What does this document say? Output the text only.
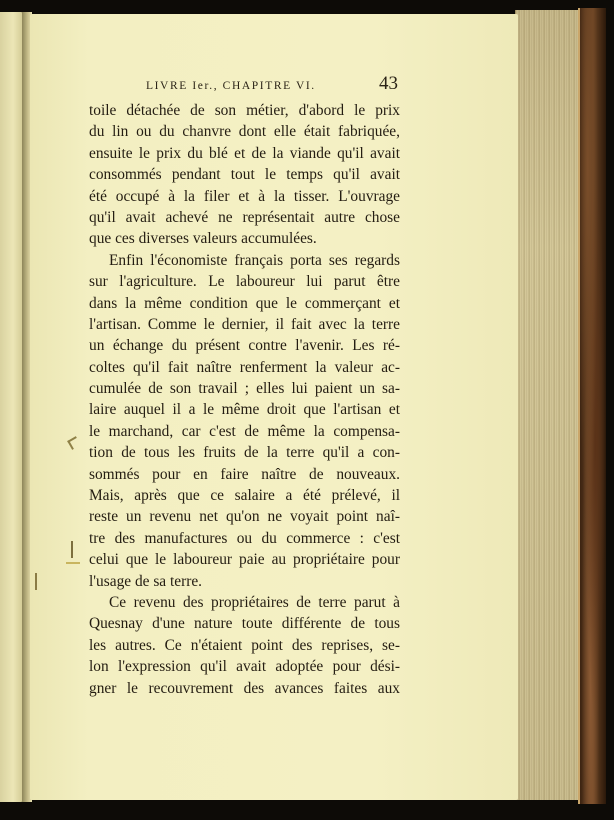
LIVRE Ier., CHAPITRE VI.	43
toile détachée de son métier, d'abord le prix
du lin ou du chanvre dont elle était fabriquée,
ensuite le prix du blé et de la viande qu'il avait
consommés pendant tout le temps qu'il avait
été occupé à la filer et à la tisser. L'ouvrage
qu'il avait achevé ne représentait autre chose
que ces diverses valeurs accumulées.
Enfin l'économiste français porta ses regards
sur l'agriculture. Le laboureur lui parut être
dans la même condition que le commerçant et
l'artisan. Comme le dernier, il fait avec la terre
un échange du présent contre l'avenir. Les ré-
coltes qu'il fait naître renferment la valeur ac-
cumulée de son travail ; elles lui paient un sa-
laire auquel il a le même droit que l'artisan et
le marchand, car c'est de même la compensa-
tion de tous les fruits de la terre qu'il a con-
sommés pour en faire naître de nouveaux.
Mais, après que ce salaire a été prélevé, il
reste un revenu net qu'on ne voyait point naî-
tre des manufactures ou du commerce : c'est
celui que le laboureur paie au propriétaire pour
l'usage de sa terre.
Ce revenu des propriétaires de terre parut à
Quesnay d'une nature toute différente de tous
les autres. Ce n'étaient point des reprises, se-
lon l'expression qu'il avait adoptée pour dési-
gner le recouvrement des avances faites aux
